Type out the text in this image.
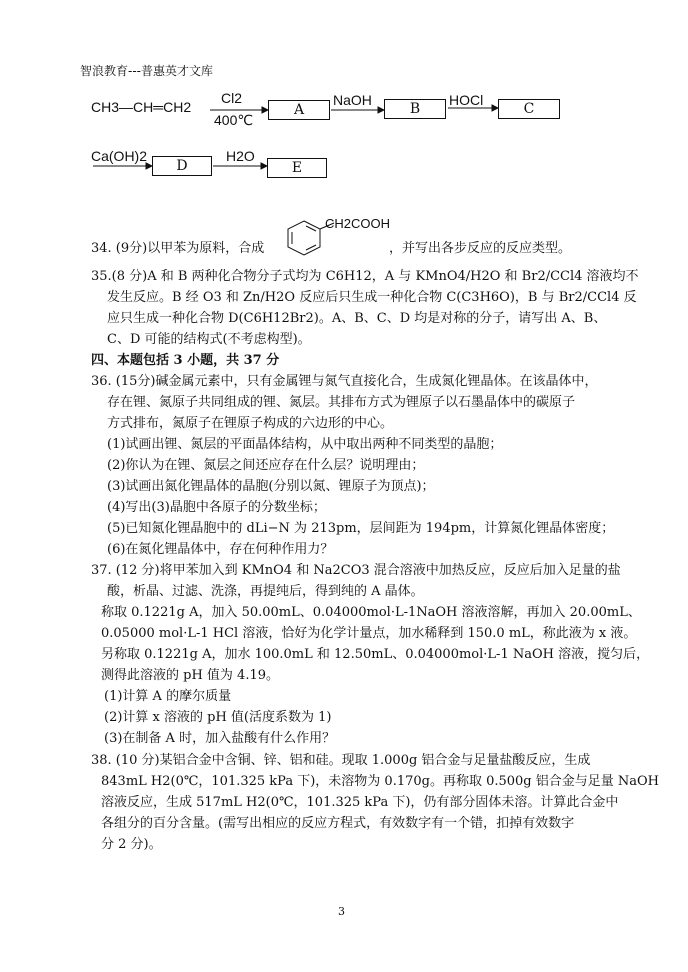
智浪教育---普惠英才文库
CH3—CH═CH2
Cl2
400℃
A
NaOH
B
HOCl
C
Ca(OH)2
D
H2O
E
CH2COOH
34. (9分)以甲苯为原料，合成	，并写出各步反应的反应类型。
35.(8 分)A 和 B 两种化合物分子式均为 C6H12，A 与 KMnO4/H2O 和 Br2/CCl4 溶液均不
发生反应。B 经 O3 和 Zn/H2O 反应后只生成一种化合物 C(C3H6O)，B 与 Br2/CCl4 反
应只生成一种化合物 D(C6H12Br2)。A、B、C、D 均是对称的分子，请写出 A、B、
C、D 可能的结构式(不考虑构型)。
四、本题包括 3 小题，共 37 分
36. (15分)碱金属元素中，只有金属锂与氮气直接化合，生成氮化锂晶体。在该晶体中，
存在锂、氮原子共同组成的锂、氮层。其排布方式为锂原子以石墨晶体中的碳原子
方式排布，氮原子在锂原子构成的六边形的中心。
(1)试画出锂、氮层的平面晶体结构，从中取出两种不同类型的晶胞；
(2)你认为在锂、氮层之间还应存在什么层？说明理由；
(3)试画出氮化锂晶体的晶胞(分别以氮、锂原子为顶点)；
(4)写出(3)晶胞中各原子的分数坐标；
(5)已知氮化锂晶胞中的 dLi−N 为 213pm，层间距为 194pm，计算氮化锂晶体密度；
(6)在氮化锂晶体中，存在何种作用力？
37. (12 分)将甲苯加入到 KMnO4 和 Na2CO3 混合溶液中加热反应，反应后加入足量的盐
酸，析晶、过滤、洗涤，再提纯后，得到纯的 A 晶体。
称取 0.1221g A，加入 50.00mL、0.04000mol·L-1NaOH 溶液溶解，再加入 20.00mL、
0.05000 mol·L-1 HCl 溶液，恰好为化学计量点，加水稀释到 150.0 mL，称此液为 x 液。
另称取 0.1221g A，加水 100.0mL 和 12.50mL、0.04000mol·L-1 NaOH 溶液，搅匀后，
测得此溶液的 pH 值为 4.19。
(1)计算 A 的摩尔质量
(2)计算 x 溶液的 pH 值(活度系数为 1)
(3)在制备 A 时，加入盐酸有什么作用？
38. (10 分)某铝合金中含铜、锌、铝和硅。现取 1.000g 铝合金与足量盐酸反应，生成
843mL H2(0℃，101.325 kPa 下)，未溶物为 0.170g。再称取 0.500g 铝合金与足量 NaOH
溶液反应，生成 517mL H2(0℃，101.325 kPa 下)，仍有部分固体未溶。计算此合金中
各组分的百分含量。(需写出相应的反应方程式，有效数字有一个错，扣掉有效数字
分 2 分)。
3
